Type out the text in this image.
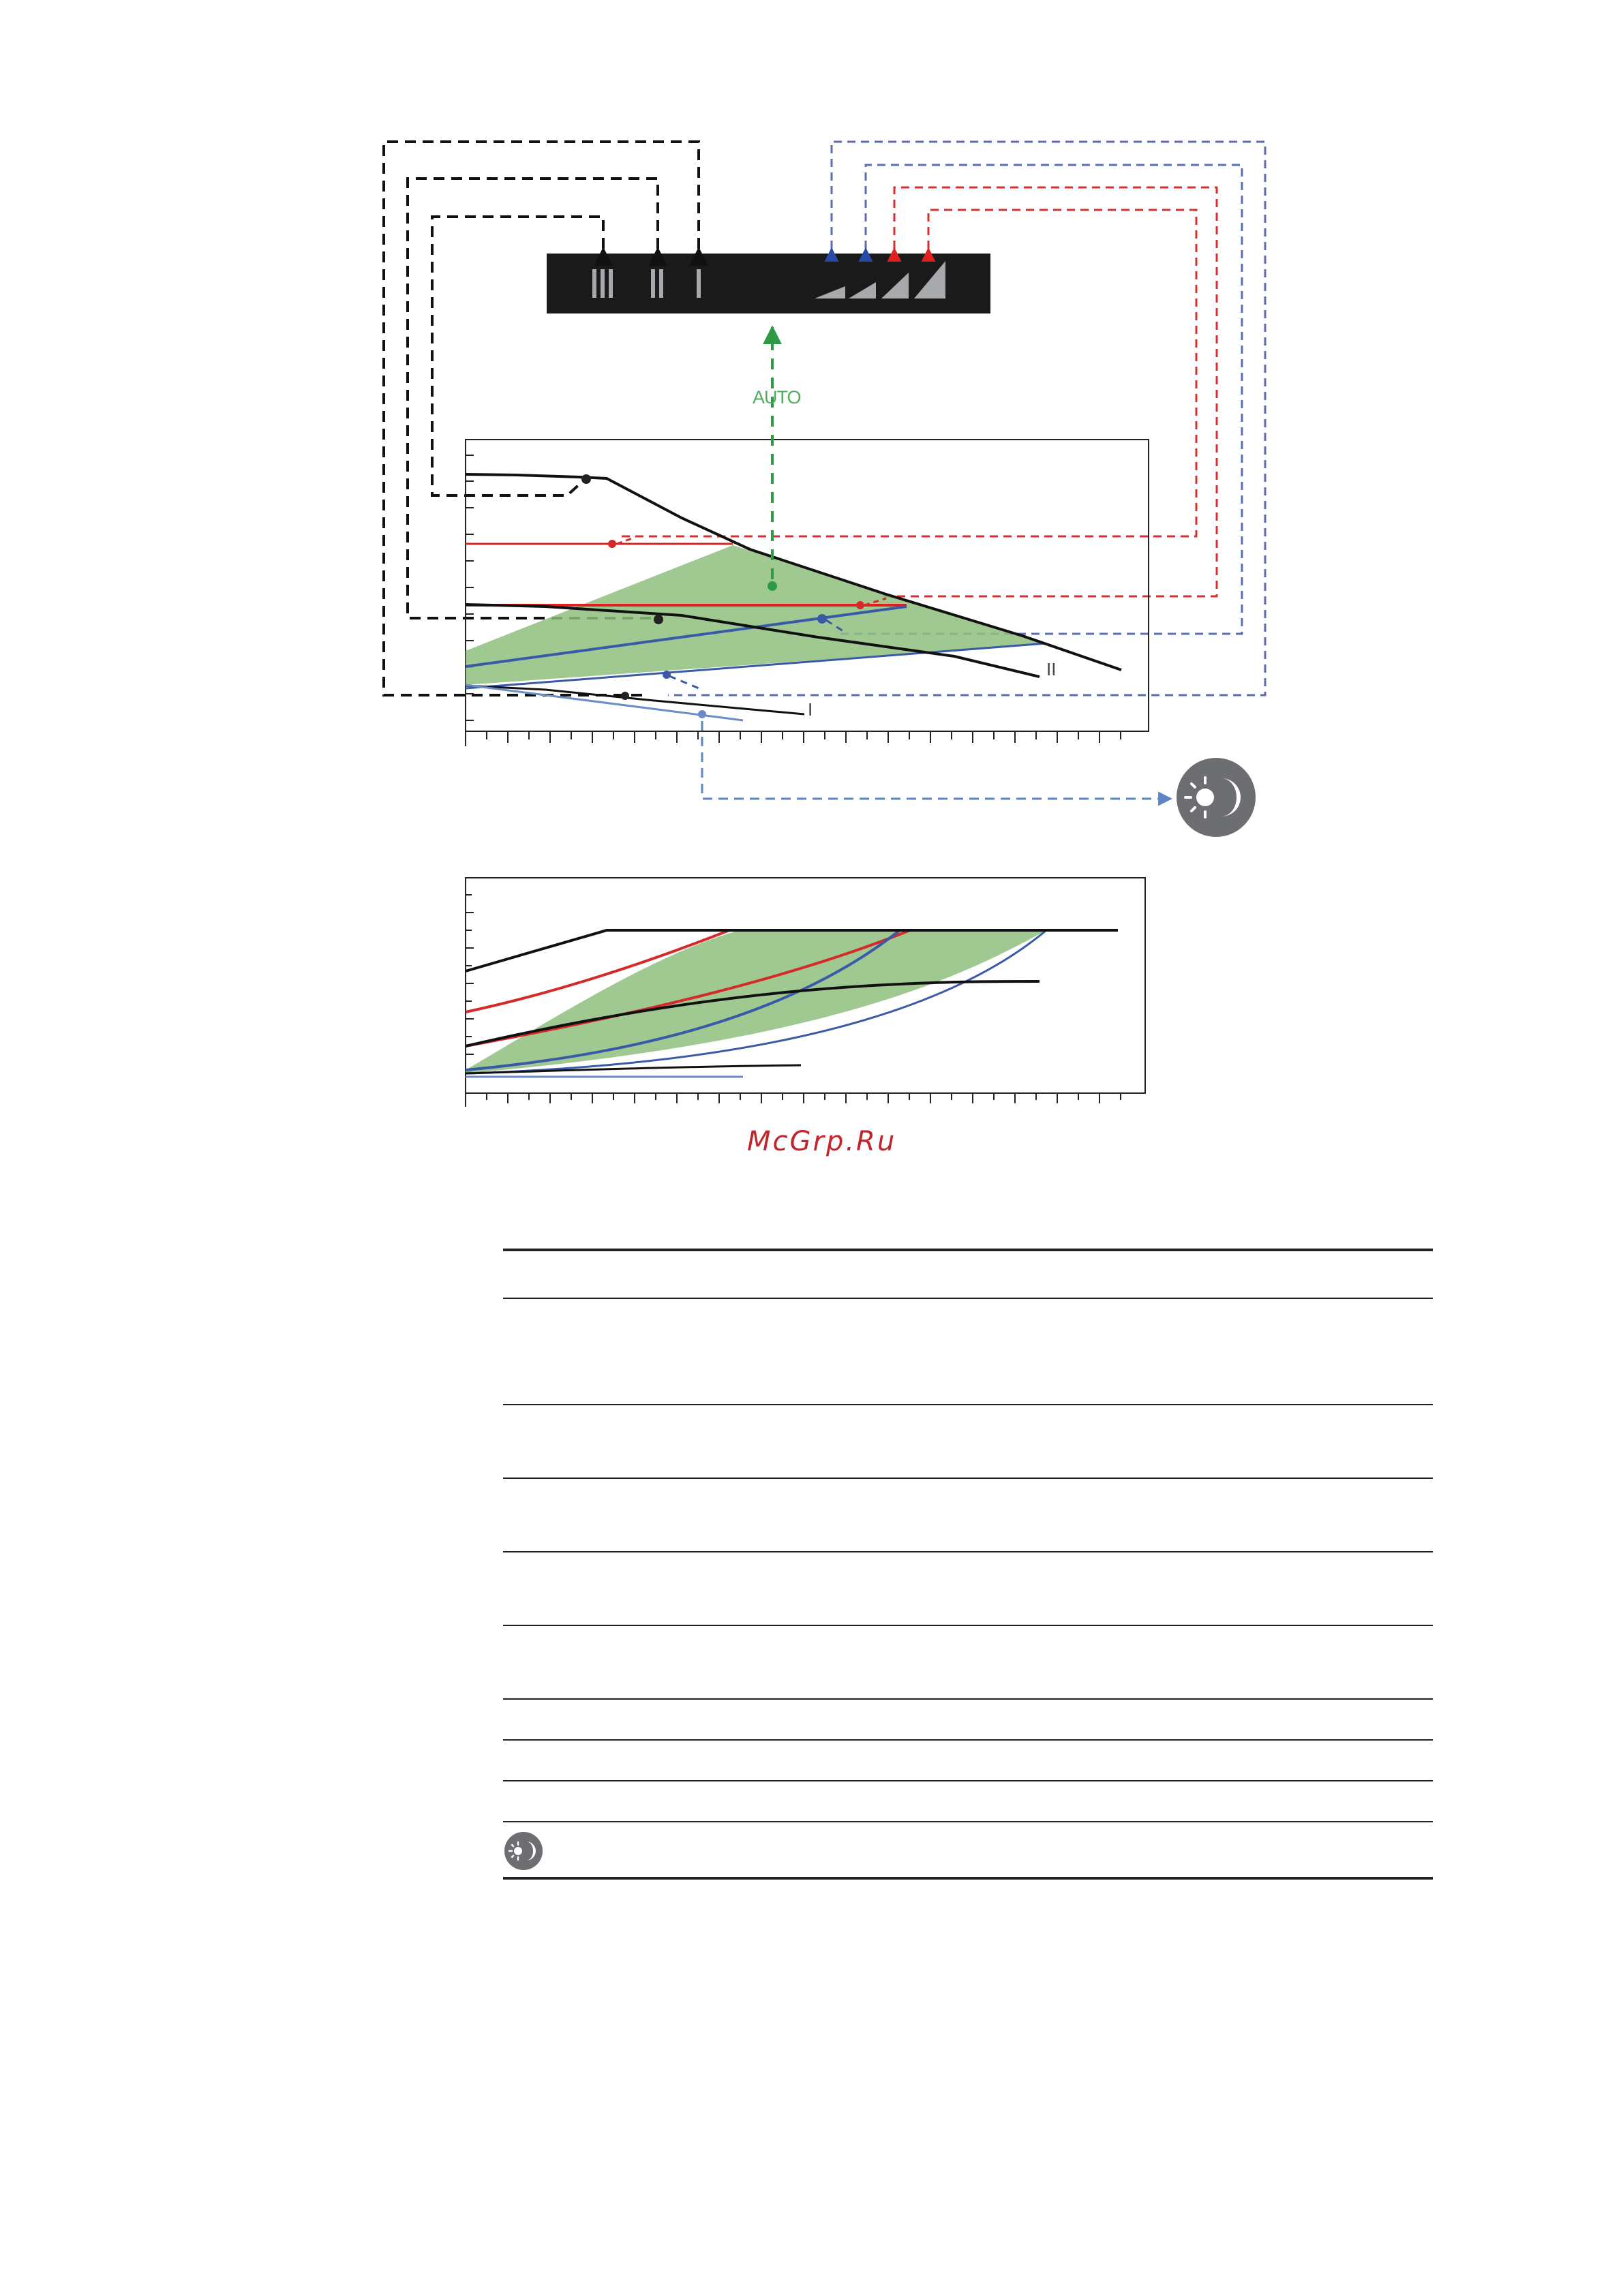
AUTO
II
I
McGrp.Ru
